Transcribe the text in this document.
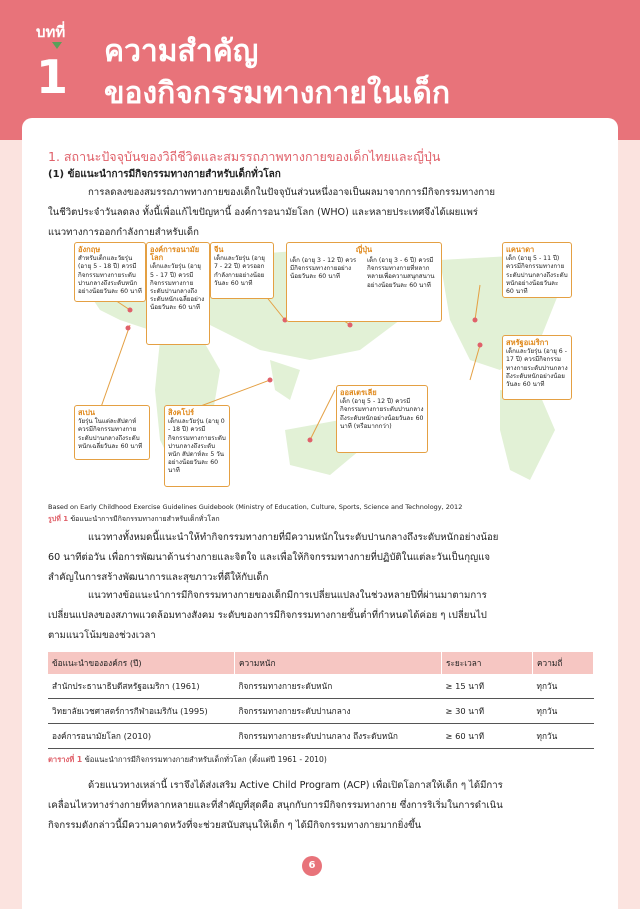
บทที่
1 ความสำคัญ
ของกิจกรรมทางกายในเด็ก
1. สถานะปัจจุบันของวิถีชีวิตและสมรรถภาพทางกายของเด็กไทยและญี่ปุ่น
(1) ข้อแนะนำการมีกิจกรรมทางกายสำหรับเด็กทั่วโลก
การลดลงของสมรรถภาพทางกายของเด็กในปัจจุบันส่วนหนึ่งอาจเป็นผลมาจากการมีกิจกรรมทางกาย
ในชีวิตประจำวันลดลง ทั้งนี้เพื่อแก้ไขปัญหานี้ องค์การอนามัยโลก (WHO) และหลายประเทศจึงได้เผยแพร่
แนวทางการออกกำลังกายสำหรับเด็ก
อังกฤษ
สำหรับเด็กและวัยรุ่น (อายุ 5 - 18 ปี) ควรมีกิจกรรมทางกายระดับปานกลางถึงระดับหนักอย่างน้อยวันละ 60 นาที
องค์การอนามัยโลก
เด็กและวัยรุ่น (อายุ 5 - 17 ปี) ควรมีกิจกรรมทางกายระดับปานกลางถึงระดับหนักเฉลี่ยอย่างน้อยวันละ 60 นาที
จีน
เด็กและวัยรุ่น (อายุ 7 - 22 ปี) ควรออกกำลังกายอย่างน้อยวันละ 60 นาที
ญี่ปุ่น
เด็ก (อายุ 3 - 12 ปี) ควรมีกิจกรรมทางกายอย่างน้อยวันละ 60 นาที
เด็ก (อายุ 3 - 6 ปี) ควรมีกิจกรรมทางกายที่หลากหลายเพื่อความสนุกสนานอย่างน้อยวันละ 60 นาที
แคนาดา
เด็ก (อายุ 5 - 11 ปี) ควรมีกิจกรรมทางกายระดับปานกลางถึงระดับหนักอย่างน้อยวันละ 60 นาที
สหรัฐอเมริกา
เด็กและวัยรุ่น (อายุ 6 - 17 ปี) ควรมีกิจกรรมทางกายระดับปานกลางถึงระดับหนักอย่างน้อยวันละ 60 นาที
สเปน
วัยรุ่น ในแต่ละสัปดาห์ควรมีกิจกรรมทางกายระดับปานกลางถึงระดับหนักเฉลี่ยวันละ 60 นาที
สิงคโปร์
เด็กและวัยรุ่น (อายุ 0 - 18 ปี) ควรมีกิจกรรมทางกายระดับปานกลางถึงระดับหนัก สัปดาห์ละ 5 วัน อย่างน้อยวันละ 60 นาที
ออสเตรเลีย
เด็ก (อายุ 5 - 12 ปี) ควรมีกิจกรรมทางกายระดับปานกลางถึงระดับหนักอย่างน้อยวันละ 60 นาที (หรือมากกว่า)
Based on Early Childhood Exercise Guidelines Guidebook (Ministry of Education, Culture, Sports, Science and Technology, 2012
รูปที่ 1 ข้อแนะนำการมีกิจกรรมทางกายสำหรับเด็กทั่วโลก
แนวทางทั้งหมดนี้แนะนำให้ทำกิจกรรมทางกายที่มีความหนักในระดับปานกลางถึงระดับหนักอย่างน้อย
60 นาทีต่อวัน เพื่อการพัฒนาด้านร่างกายและจิตใจ และเพื่อให้กิจกรรมทางกายที่ปฏิบัติในแต่ละวันเป็นกุญแจ
สำคัญในการสร้างพัฒนาการและสุขภาวะที่ดีให้กับเด็ก
แนวทางข้อแนะนำการมีกิจกรรมทางกายของเด็กมีการเปลี่ยนแปลงในช่วงหลายปีที่ผ่านมาตามการ
เปลี่ยนแปลงของสภาพแวดล้อมทางสังคม ระดับของการมีกิจกรรมทางกายขั้นต่ำที่กำหนดได้ค่อย ๆ เปลี่ยนไป
ตามแนวโน้มของช่วงเวลา
ข้อแนะนำขององค์กร (ปี)	ความหนัก	ระยะเวลา	ความถี่
สำนักประธานาธิบดีสหรัฐอเมริกา (1961)	กิจกรรมทางกายระดับหนัก	≥ 15 นาที	ทุกวัน
วิทยาลัยเวชศาสตร์การกีฬาอเมริกัน (1995)	กิจกรรมทางกายระดับปานกลาง	≥ 30 นาที	ทุกวัน
องค์การอนามัยโลก (2010)	กิจกรรมทางกายระดับปานกลาง ถึงระดับหนัก	≥ 60 นาที	ทุกวัน
ตารางที่ 1 ข้อแนะนำการมีกิจกรรมทางกายสำหรับเด็กทั่วโลก (ตั้งแต่ปี 1961 - 2010)
ด้วยแนวทางเหล่านี้ เราจึงได้ส่งเสริม Active Child Program (ACP) เพื่อเปิดโอกาสให้เด็ก ๆ ได้มีการ
เคลื่อนไหวทางร่างกายที่หลากหลายและที่สำคัญที่สุดคือ สนุกกับการมีกิจกรรมทางกาย ซึ่งการริเริ่มในการดำเนิน
กิจกรรมดังกล่าวนี้มีความคาดหวังที่จะช่วยสนับสนุนให้เด็ก ๆ ได้มีกิจกรรมทางกายมากยิ่งขึ้น
6
